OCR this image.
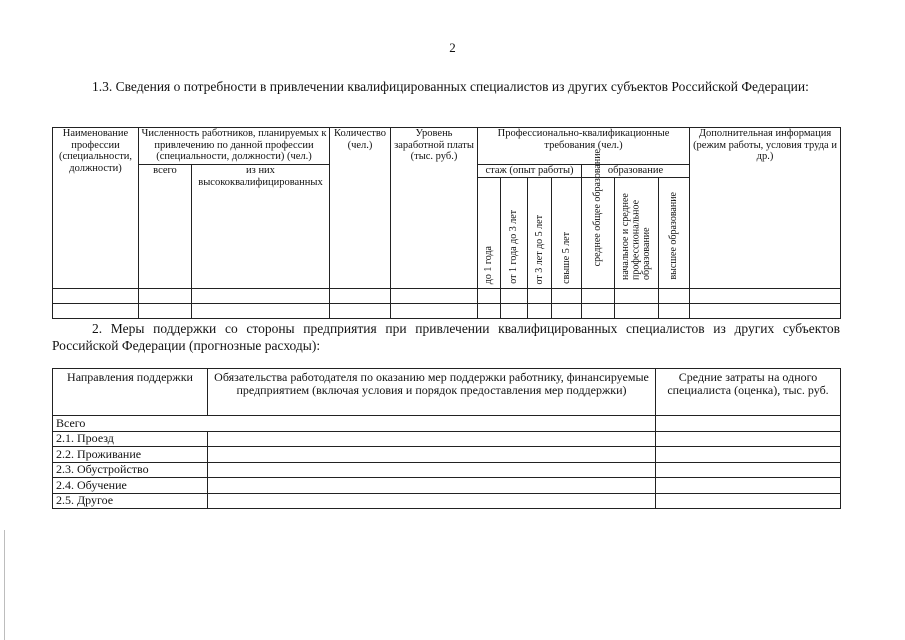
2
1.3. Сведения о потребности в привлечении квалифицированных специалистов из других субъектов Российской Федерации:
Наименование профессии (специальности, должности)	Численность работников, планируемых к привлечению по данной профессии (специальности, должности) (чел.)		Количество (чел.)	Уровень заработной платы (тыс. руб.)	Профессионально-квалификационные требования (чел.)							Дополнительная информация (режим работы, условия труда и др.)
	всего	из них высококвалифицированных			стаж (опыт работы)				образование			

					до 1 года	от 1 года до 3 лет	от 3 лет до 5 лет	свыше 5 лет	среднее общее образование	начальное и среднее профессиональное образование	высшее образование	

2. Меры поддержки со стороны предприятия при привлечении квалифицированных специалистов из других субъектов Российской Федерации (прогнозные расходы):
Направления поддержки	Обязательства работодателя по оказанию мер поддержки работнику, финансируемые предприятием (включая условия и порядок предоставления мер поддержки)	Средние затраты на одного специалиста (оценка), тыс. руб.
Всего		
2.1. Проезд		
2.2. Проживание		
2.3. Обустройство		
2.4. Обучение		
2.5. Другое		
